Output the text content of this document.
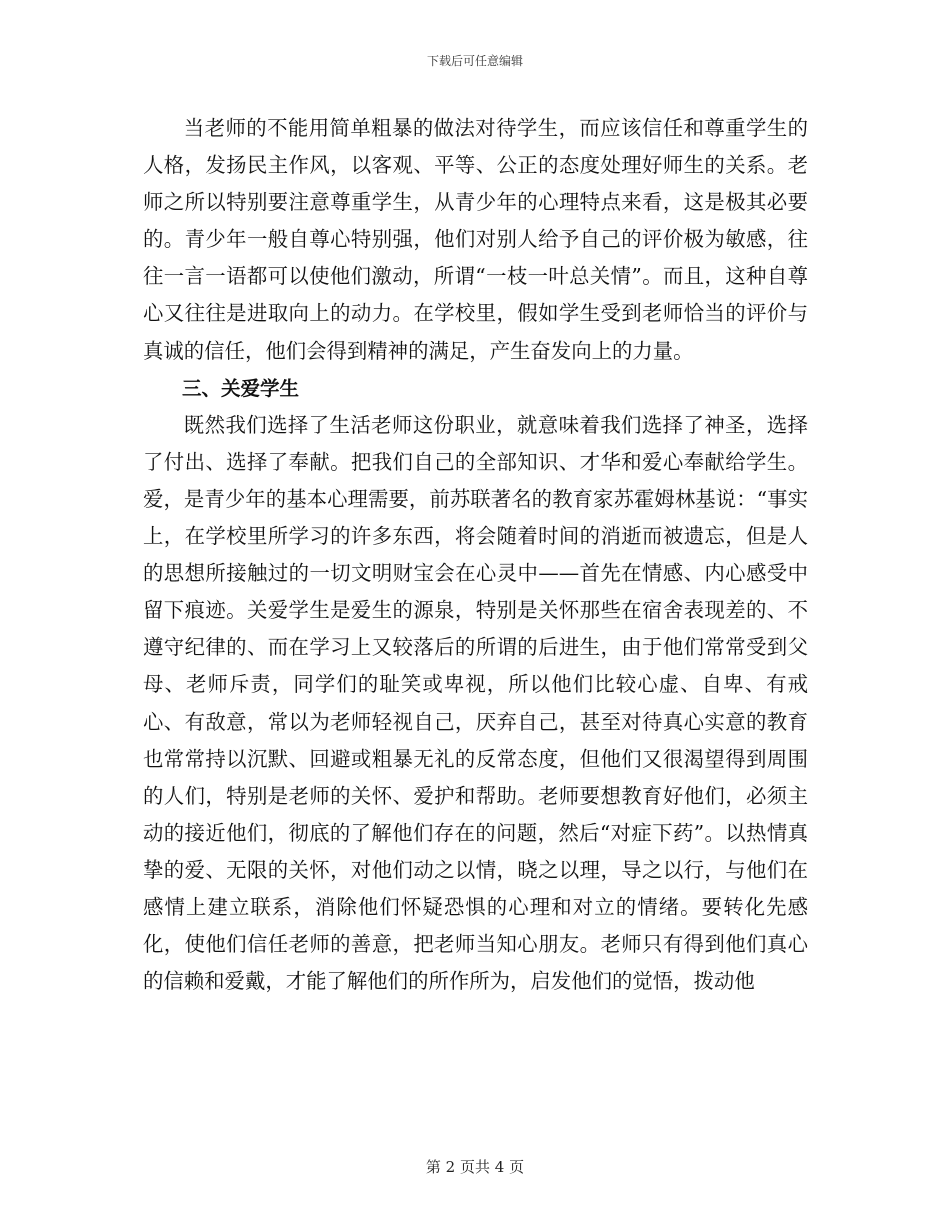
下载后可任意编辑

当老师的不能用简单粗暴的做法对待学生，而应该信任和尊重学生的人格，发扬民主作风，以客观、平等、公正的态度处理好师生的关系。老师之所以特别要注意尊重学生，从青少年的心理特点来看，这是极其必要的。青少年一般自尊心特别强，他们对别人给予自己的评价极为敏感，往往一言一语都可以使他们激动，所谓“一枝一叶总关情”。而且，这种自尊心又往往是进取向上的动力。在学校里，假如学生受到老师恰当的评价与真诚的信任，他们会得到精神的满足，产生奋发向上的力量。

三、关爱学生

既然我们选择了生活老师这份职业，就意味着我们选择了神圣，选择了付出、选择了奉献。把我们自己的全部知识、才华和爱心奉献给学生。爱，是青少年的基本心理需要，前苏联著名的教育家苏霍姆林基说：“事实上，在学校里所学习的许多东西，将会随着时间的消逝而被遗忘，但是人的思想所接触过的一切文明财宝会在心灵中——首先在情感、内心感受中留下痕迹。关爱学生是爱生的源泉，特别是关怀那些在宿舍表现差的、不遵守纪律的、而在学习上又较落后的所谓的后进生，由于他们常常受到父母、老师斥责，同学们的耻笑或卑视，所以他们比较心虚、自卑、有戒心、有敌意，常以为老师轻视自己，厌弃自己，甚至对待真心实意的教育也常常持以沉默、回避或粗暴无礼的反常态度，但他们又很渴望得到周围的人们，特别是老师的关怀、爱护和帮助。老师要想教育好他们，必须主动的接近他们，彻底的了解他们存在的问题，然后“对症下药”。以热情真挚的爱、无限的关怀，对他们动之以情，晓之以理，导之以行，与他们在感情上建立联系，消除他们怀疑恐惧的心理和对立的情绪。要转化先感化，使他们信任老师的善意，把老师当知心朋友。老师只有得到他们真心的信赖和爱戴，才能了解他们的所作所为，启发他们的觉悟，拨动他

第 2 页共 4 页
